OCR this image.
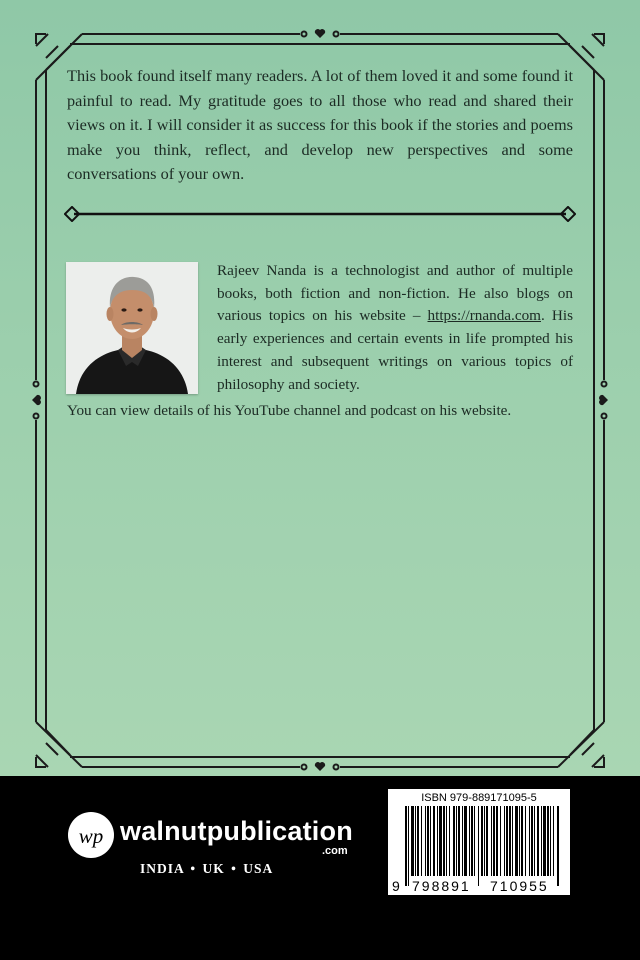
This book found itself many readers. A lot of them loved it and some found it painful to read. My gratitude goes to all those who read and shared their views on it. I will consider it as success for this book if the stories and poems make you think, reflect, and develop new perspectives and some conversations of your own.

Rajeev Nanda is a technologist and author of multiple books, both fiction and non-fiction. He also blogs on various topics on his website – https://rnanda.com. His early experiences and certain events in life prompted his interest and subsequent writings on various topics of philosophy and society.

You can view details of his YouTube channel and podcast on his website.

wp walnutpublication
.com
INDIA • UK • USA
ISBN 979-889171095-5
9 798891 710955
